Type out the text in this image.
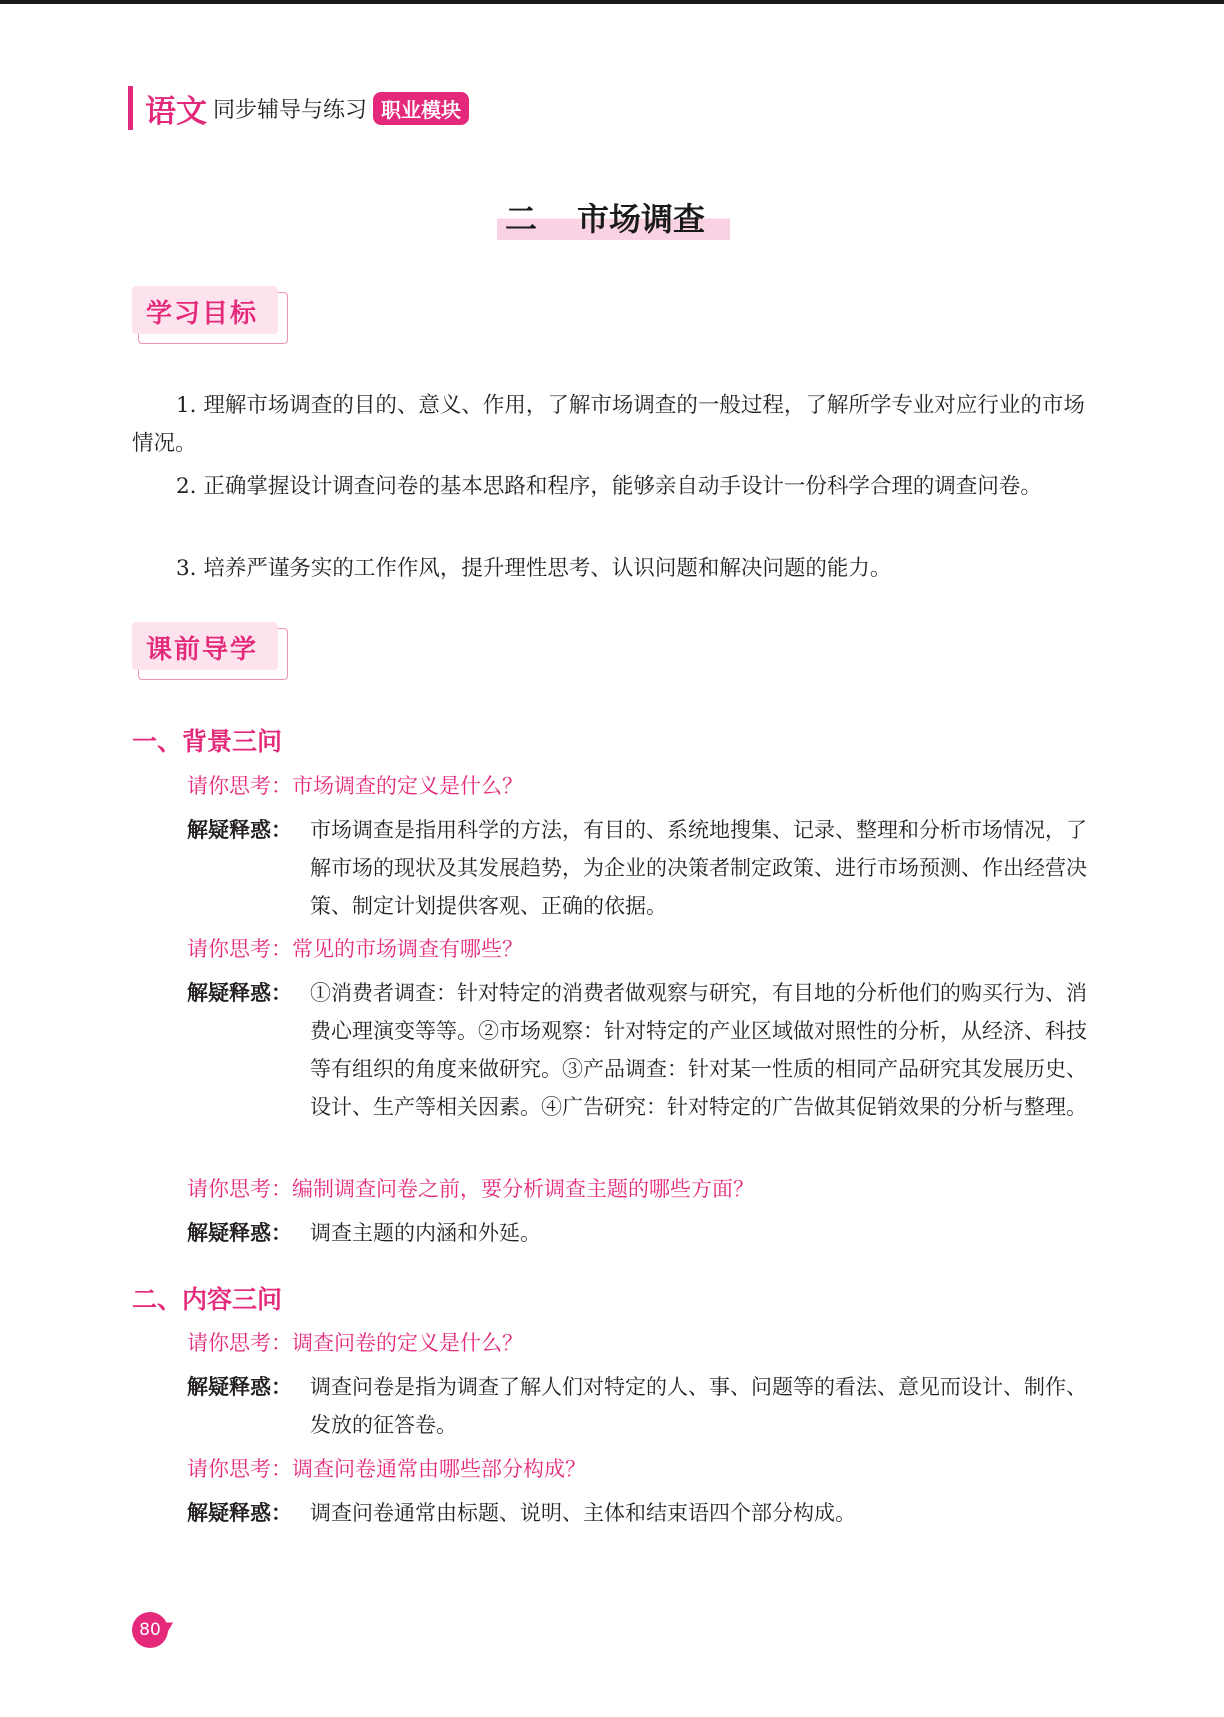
语文 同步辅导与练习 职业模块
二 市场调查
学习目标
1. 理解市场调查的目的、意义、作用，了解市场调查的一般过程，了解所学专业对应行业的市场情况。
2. 正确掌握设计调查问卷的基本思路和程序，能够亲自动手设计一份科学合理的调查问卷。
3. 培养严谨务实的工作作风，提升理性思考、认识问题和解决问题的能力。
课前导学
一、背景三问
请你思考：市场调查的定义是什么？
解疑释惑： 市场调查是指用科学的方法，有目的、系统地搜集、记录、整理和分析市场情况，了解市场的现状及其发展趋势，为企业的决策者制定政策、进行市场预测、作出经营决策、制定计划提供客观、正确的依据。
请你思考：常见的市场调查有哪些？
解疑释惑： ①消费者调查：针对特定的消费者做观察与研究，有目地的分析他们的购买行为、消费心理演变等等。②市场观察：针对特定的产业区域做对照性的分析，从经济、科技等有组织的角度来做研究。③产品调查：针对某一性质的相同产品研究其发展历史、设计、生产等相关因素。④广告研究：针对特定的广告做其促销效果的分析与整理。
请你思考：编制调查问卷之前，要分析调查主题的哪些方面？
解疑释惑： 调查主题的内涵和外延。
二、内容三问
请你思考：调查问卷的定义是什么？
解疑释惑： 调查问卷是指为调查了解人们对特定的人、事、问题等的看法、意见而设计、制作、发放的征答卷。
请你思考：调查问卷通常由哪些部分构成？
解疑释惑： 调查问卷通常由标题、说明、主体和结束语四个部分构成。
80
